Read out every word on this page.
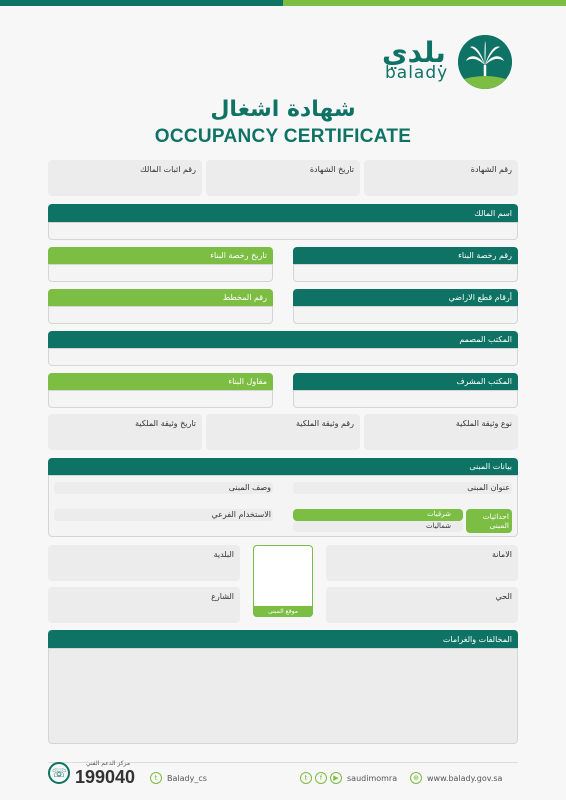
بلدي
balady
شهادة اشغال
OCCUPANCY CERTIFICATE
رقم الشهادة
تاريخ الشهادة
رقم اثبات المالك
اسم المالك
رقم رخصة البناء
تاريخ رخصة البناء
أرقام قطع الاراضي
رقم المخطط
المكتب المصمم
المكتب المشرف
مقاول البناء
نوع وثيقة الملكية
رقم وثيقة الملكية
تاريخ وثيقة الملكية
بيانات المبنى
عنوان المبنى
وصف المبنى
احداثيات المبنى
شرقيات
شماليات
الاستخدام الفرعي
الامانة
البلدية
الحي
الشارع
موقع المبنى
المخالفات والغرامات
☏
مركز الدعم الفني
199040	t	Balady_cs	t	f	▶	saudimomra	⊕	www.balady.gov.sa
